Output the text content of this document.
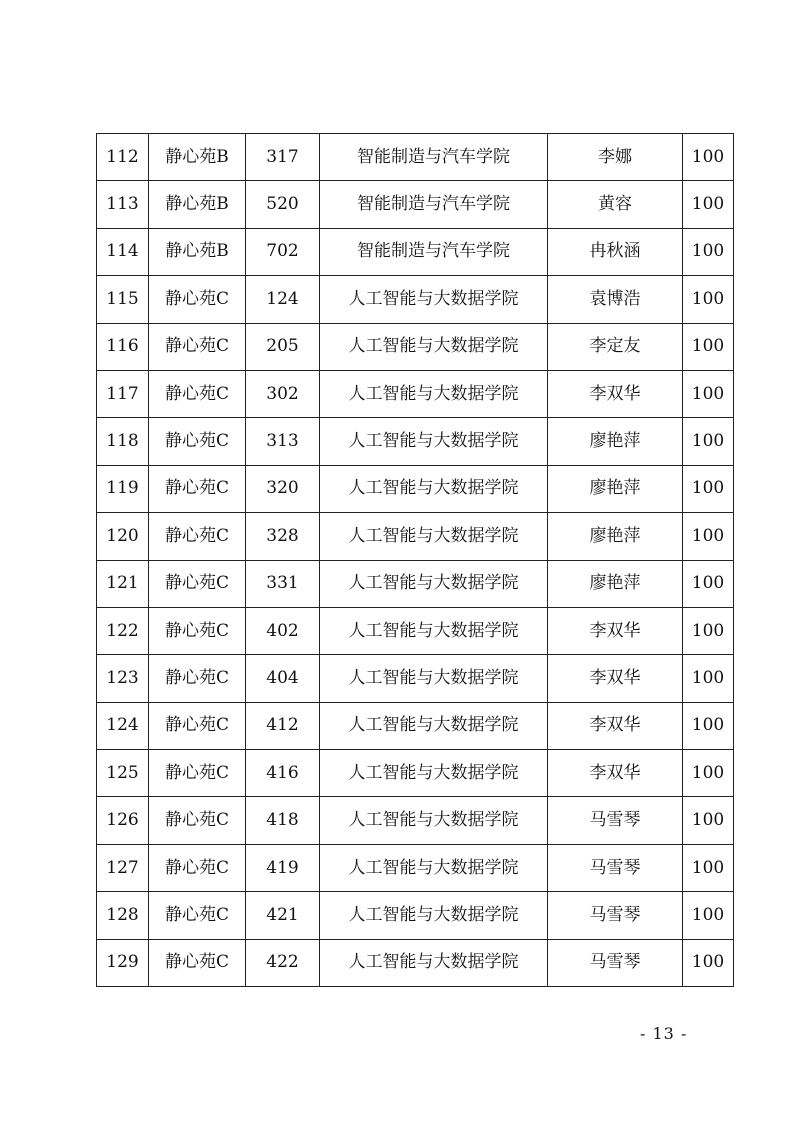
112	静心苑B	317	智能制造与汽车学院	李娜	100
113	静心苑B	520	智能制造与汽车学院	黄容	100
114	静心苑B	702	智能制造与汽车学院	冉秋涵	100
115	静心苑C	124	人工智能与大数据学院	袁博浩	100
116	静心苑C	205	人工智能与大数据学院	李定友	100
117	静心苑C	302	人工智能与大数据学院	李双华	100
118	静心苑C	313	人工智能与大数据学院	廖艳萍	100
119	静心苑C	320	人工智能与大数据学院	廖艳萍	100
120	静心苑C	328	人工智能与大数据学院	廖艳萍	100
121	静心苑C	331	人工智能与大数据学院	廖艳萍	100
122	静心苑C	402	人工智能与大数据学院	李双华	100
123	静心苑C	404	人工智能与大数据学院	李双华	100
124	静心苑C	412	人工智能与大数据学院	李双华	100
125	静心苑C	416	人工智能与大数据学院	李双华	100
126	静心苑C	418	人工智能与大数据学院	马雪琴	100
127	静心苑C	419	人工智能与大数据学院	马雪琴	100
128	静心苑C	421	人工智能与大数据学院	马雪琴	100
129	静心苑C	422	人工智能与大数据学院	马雪琴	100
- 13 -
